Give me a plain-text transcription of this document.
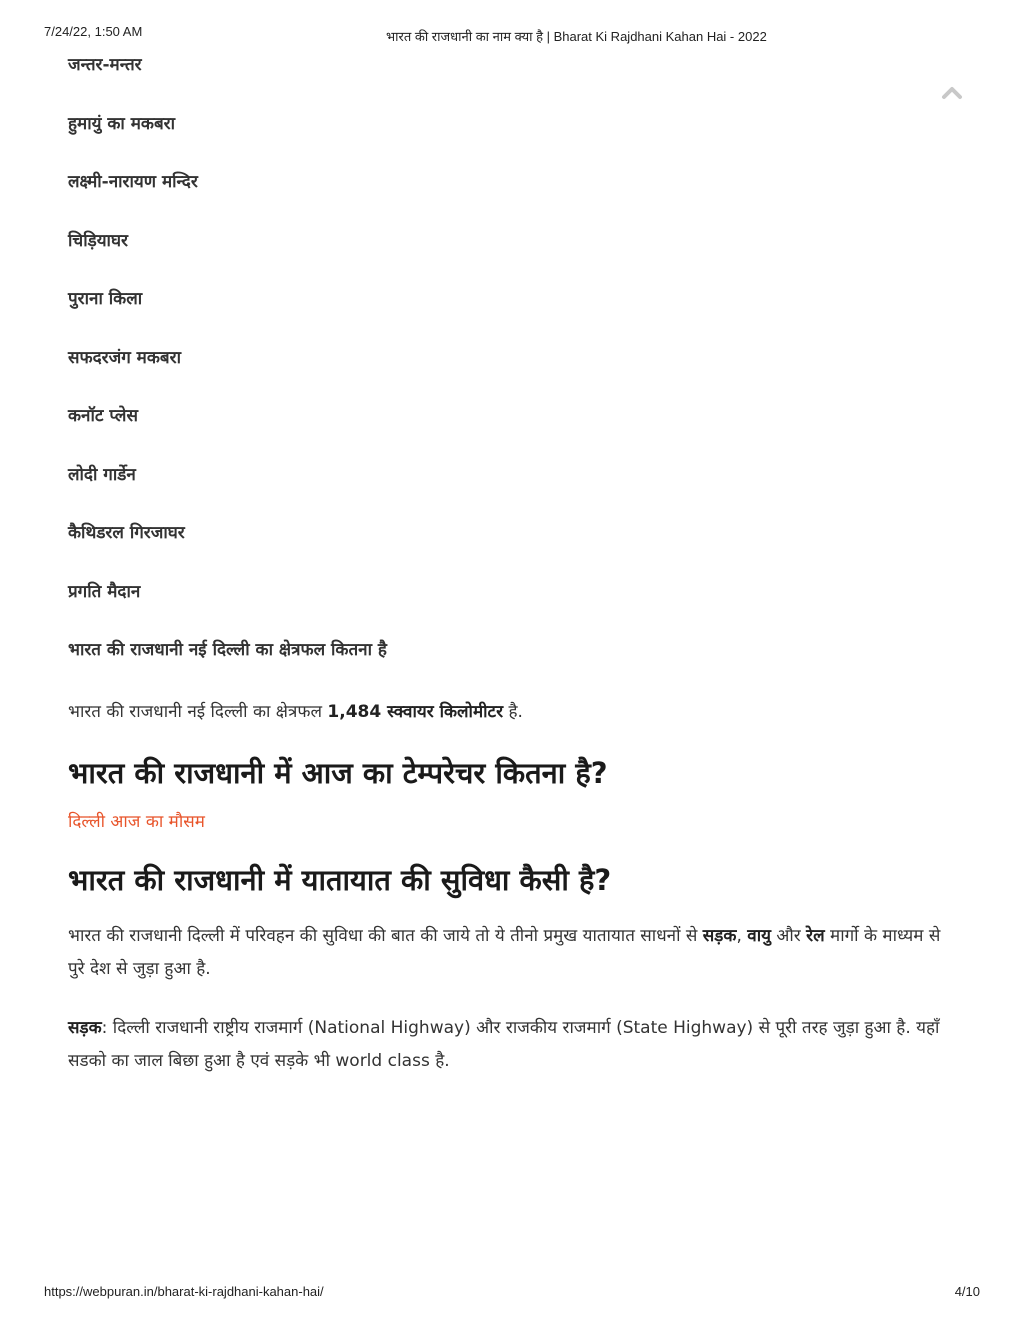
7/24/22, 1:50 AM	भारत की राजधानी का नाम क्या है | Bharat Ki Rajdhani Kahan Hai - 2022
जन्तर-मन्तर
हुमायुं का मकबरा
लक्ष्मी-नारायण मन्दिर
चिड़ियाघर
पुराना किला
सफदरजंग मकबरा
कनॉट प्लेस
लोदी गार्डेन
कैथिडरल गिरजाघर
प्रगति मैदान
भारत की राजधानी नई दिल्ली का क्षेत्रफल कितना है

भारत की राजधानी नई दिल्ली का क्षेत्रफल 1,484 स्क्वायर किलोमीटर है.

भारत की राजधानी में आज का टेम्परेचर कितना है?
दिल्ली आज का मौसम
भारत की राजधानी में यातायात की सुविधा कैसी है?

भारत की राजधानी दिल्ली में परिवहन की सुविधा की बात की जाये तो ये तीनो प्रमुख यातायात साधनों से सड़क, वायु और रेल मार्गो के माध्यम से पुरे देश से जुड़ा हुआ है.

सड़क: दिल्ली राजधानी राष्ट्रीय राजमार्ग (National Highway) और राजकीय राजमार्ग (State Highway) से पूरी तरह जुड़ा हुआ है. यहाँ सडको का जाल बिछा हुआ है एवं सड़के भी world class है.

https://webpuran.in/bharat-ki-rajdhani-kahan-hai/	4/10
